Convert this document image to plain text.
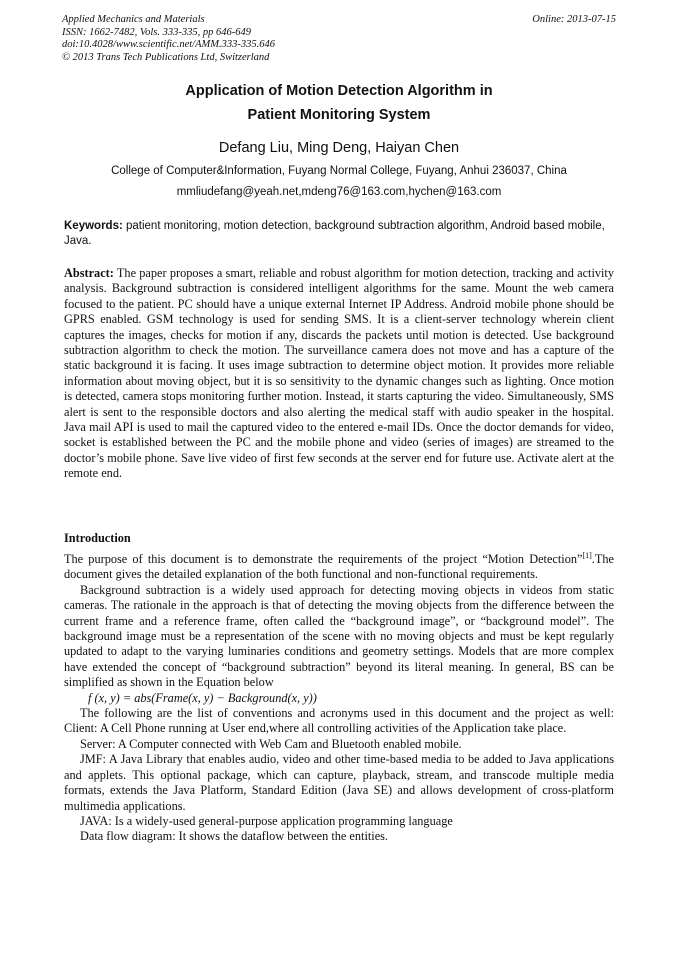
Applied Mechanics and Materials
ISSN: 1662-7482, Vols. 333-335, pp 646-649
doi:10.4028/www.scientific.net/AMM.333-335.646
© 2013 Trans Tech Publications Ltd, Switzerland
Online: 2013-07-15
Application of Motion Detection Algorithm in
Patient Monitoring System
Defang Liu, Ming Deng, Haiyan Chen
College of Computer&Information, Fuyang Normal College, Fuyang, Anhui 236037, China
mmliudefang@yeah.net,mdeng76@163.com,hychen@163.com
Keywords: patient monitoring, motion detection, background subtraction algorithm, Android based mobile, Java.
Abstract: The paper proposes a smart, reliable and robust algorithm for motion detection, tracking and activity analysis. Background subtraction is considered intelligent algorithms for the same. Mount the web camera focused to the patient. PC should have a unique external Internet IP Address. Android mobile phone should be GPRS enabled. GSM technology is used for sending SMS. It is a client-server technology wherein client captures the images, checks for motion if any, discards the packets until motion is detected. Use background subtraction algorithm to check the motion. The surveillance camera does not move and has a capture of the static background it is facing. It uses image subtraction to determine object motion. It provides more reliable information about moving object, but it is so sensitivity to the dynamic changes such as lighting. Once motion is detected, camera stops monitoring further motion. Instead, it starts capturing the video. Simultaneously, SMS alert is sent to the responsible doctors and also alerting the medical staff with audio speaker in the hospital. Java mail API is used to mail the captured video to the entered e-mail IDs. Once the doctor demands for video, socket is established between the PC and the mobile phone and video (series of images) are streamed to the doctor’s mobile phone. Save live video of first few seconds at the server end for future use. Activate alert at the remote end.
Introduction

The purpose of this document is to demonstrate the requirements of the project “Motion Detection”[1].The document gives the detailed explanation of the both functional and non-functional requirements.

Background subtraction is a widely used approach for detecting moving objects in videos from static cameras. The rationale in the approach is that of detecting the moving objects from the difference between the current frame and a reference frame, often called the “background image”, or “background model”. The background image must be a representation of the scene with no moving objects and must be kept regularly updated to adapt to the varying luminaries conditions and geometry settings. Models that are more complex have extended the concept of “background subtraction” beyond its literal meaning. In general, BS can be simplified as shown in the Equation below

f (x, y) = abs(Frame(x, y) − Background(x, y))

The following are the list of conventions and acronyms used in this document and the project as well: Client: A Cell Phone running at User end,where all controlling activities of the Application take place.

Server: A Computer connected with Web Cam and Bluetooth enabled mobile.

JMF: A Java Library that enables audio, video and other time-based media to be added to Java applications and applets. This optional package, which can capture, playback, stream, and transcode multiple media formats, extends the Java Platform, Standard Edition (Java SE) and allows development of cross-platform multimedia applications.

JAVA: Is a widely-used general-purpose application programming language

Data flow diagram: It shows the dataflow between the entities.
